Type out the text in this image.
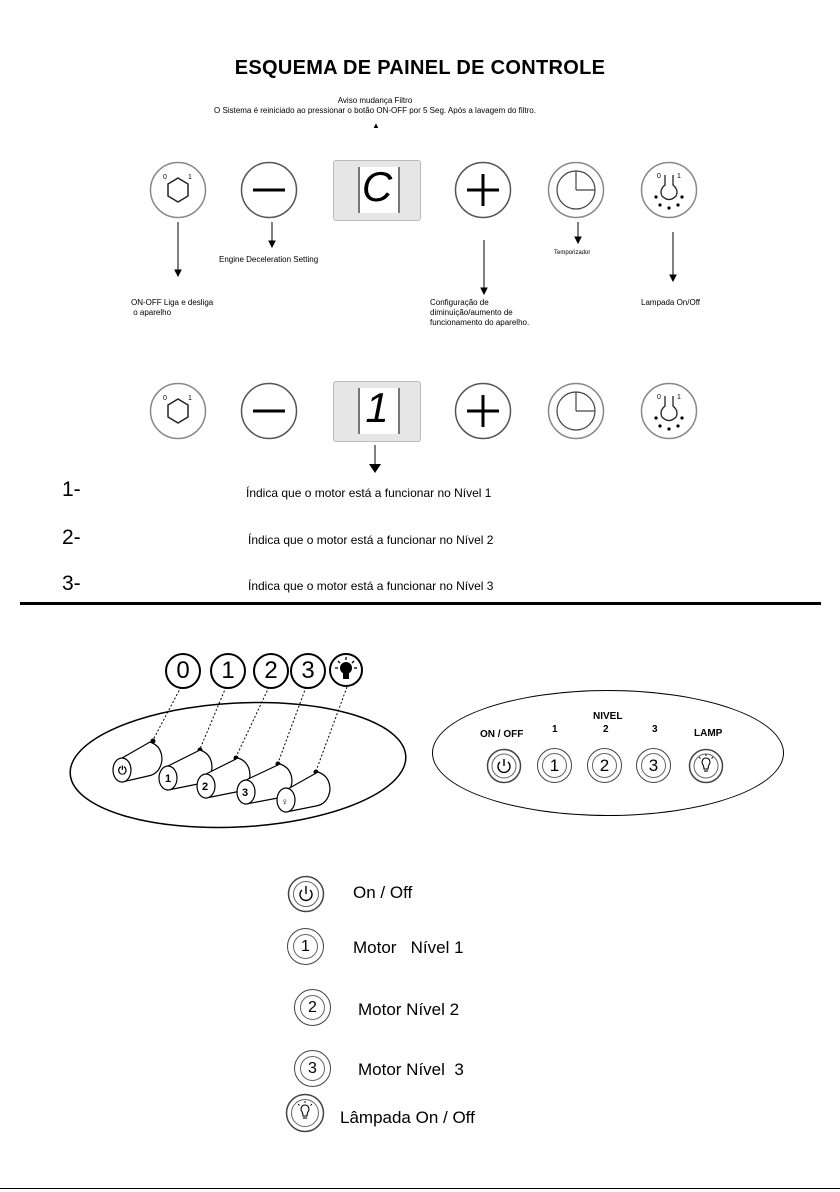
ESQUEMA DE PAINEL DE CONTROLE
Aviso mudança Filtro
O Sistema é reiniciado ao pressionar o botão ON-OFF por 5 Seg. Após a lavagem do filtro.
▲
0	1	C	0 1
Engine Deceleration Setting
Temporizador
ON-OFF Liga e desliga
o aparelho
Configuração de
diminuição/aumento de
funcionamento do aparelho.
Lampada On/Off
0	1	1	0 1
1-	Índica que o motor está a funcionar no Nível 1
2-	Índica que o motor está a funcionar no Nível 2
3-	Índica que o motor está a funcionar no Nível 3
0	1	2 3
⏻
1
2	3
♀
NIVEL
ON / OFF	1	2	3	LAMP
1	2	3
On / Off
1	Motor   Nível 1
2	Motor Nível 2
3	Motor Nível  3
Lâmpada On / Off
